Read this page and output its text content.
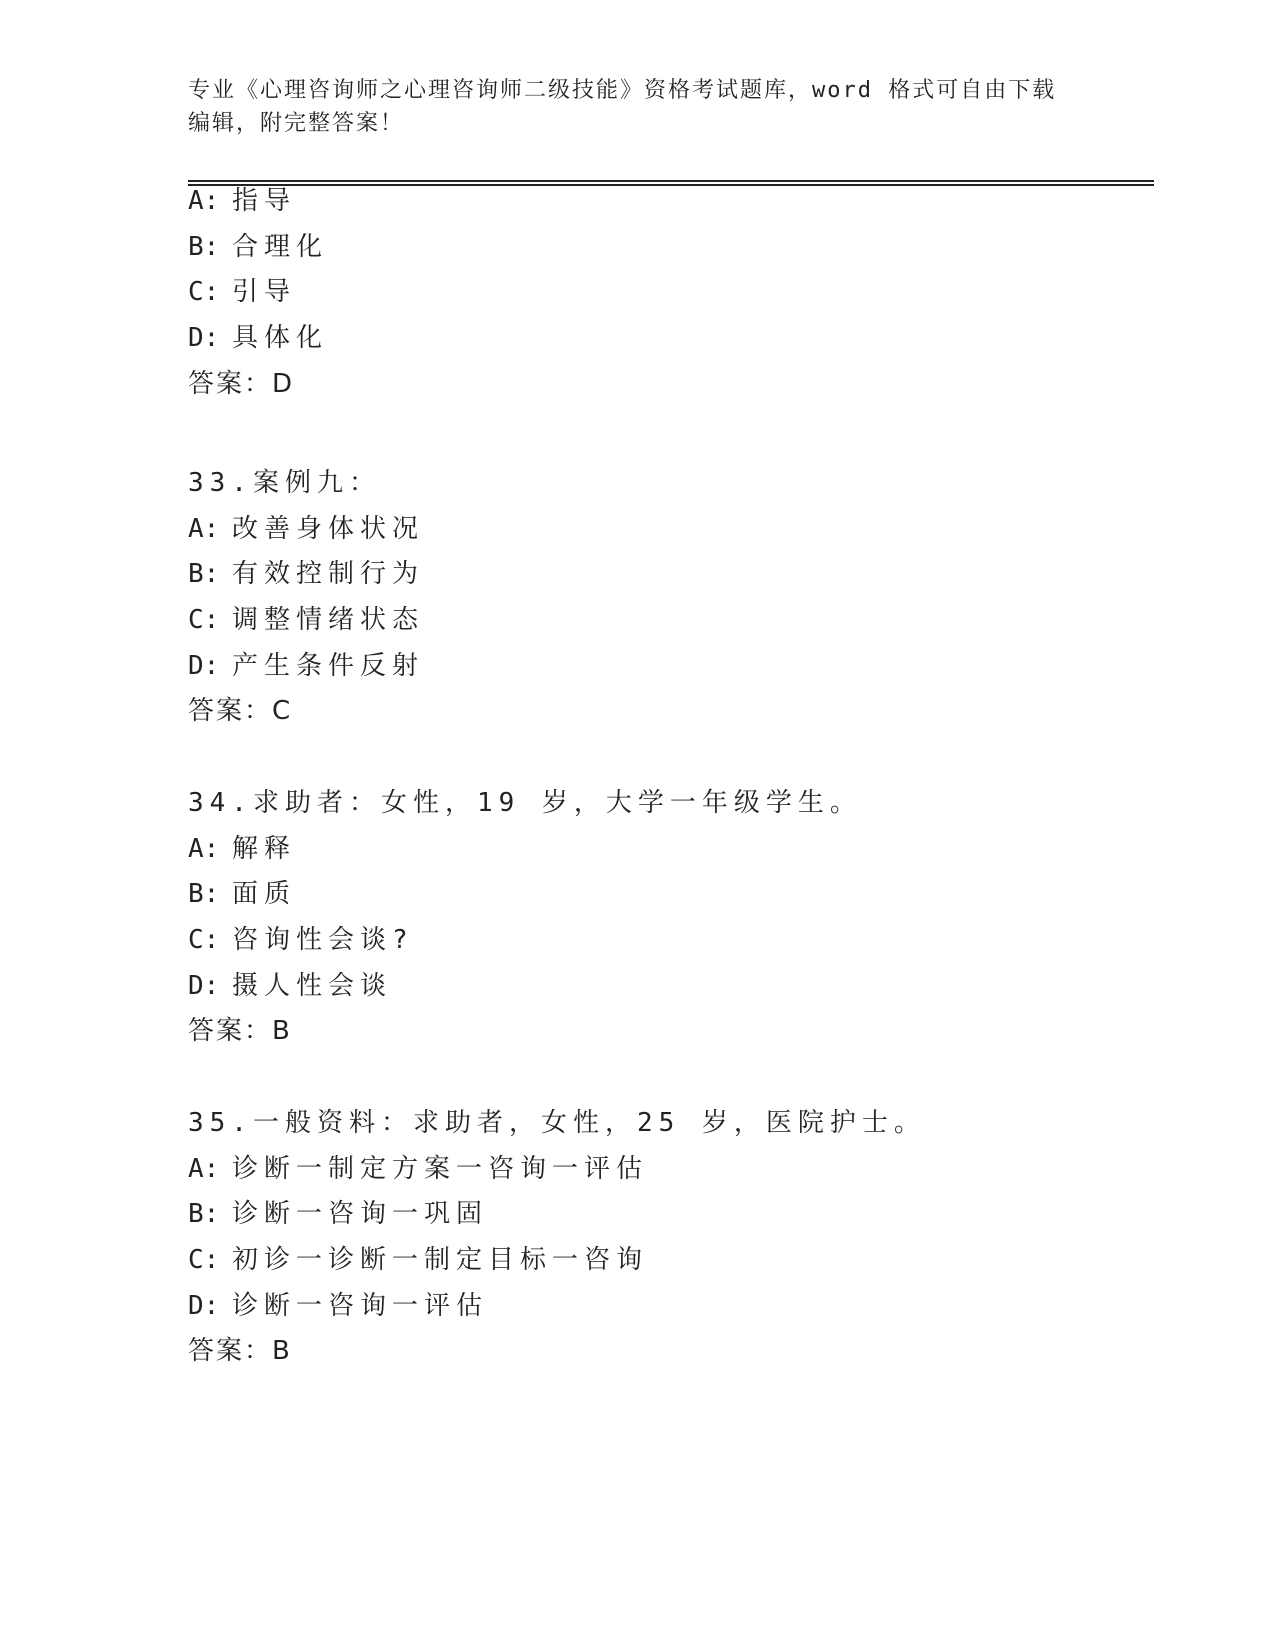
专业《心理咨询师之心理咨询师二级技能》资格考试题库，word 格式可自由下载
编辑，附完整答案！
A: 指导
B: 合理化
C: 引导
D: 具体化
答案：D
33.案例九：
A: 改善身体状况
B: 有效控制行为
C: 调整情绪状态
D: 产生条件反射
答案：C
34.求助者：女性，19 岁，大学一年级学生。
A: 解释
B: 面质
C: 咨询性会谈?
D: 摄人性会谈
答案：B
35.一般资料：求助者，女性，25 岁，医院护士。
A: 诊断一制定方案一咨询一评估
B: 诊断一咨询一巩固
C: 初诊一诊断一制定目标一咨询
D: 诊断一咨询一评估
答案：B
